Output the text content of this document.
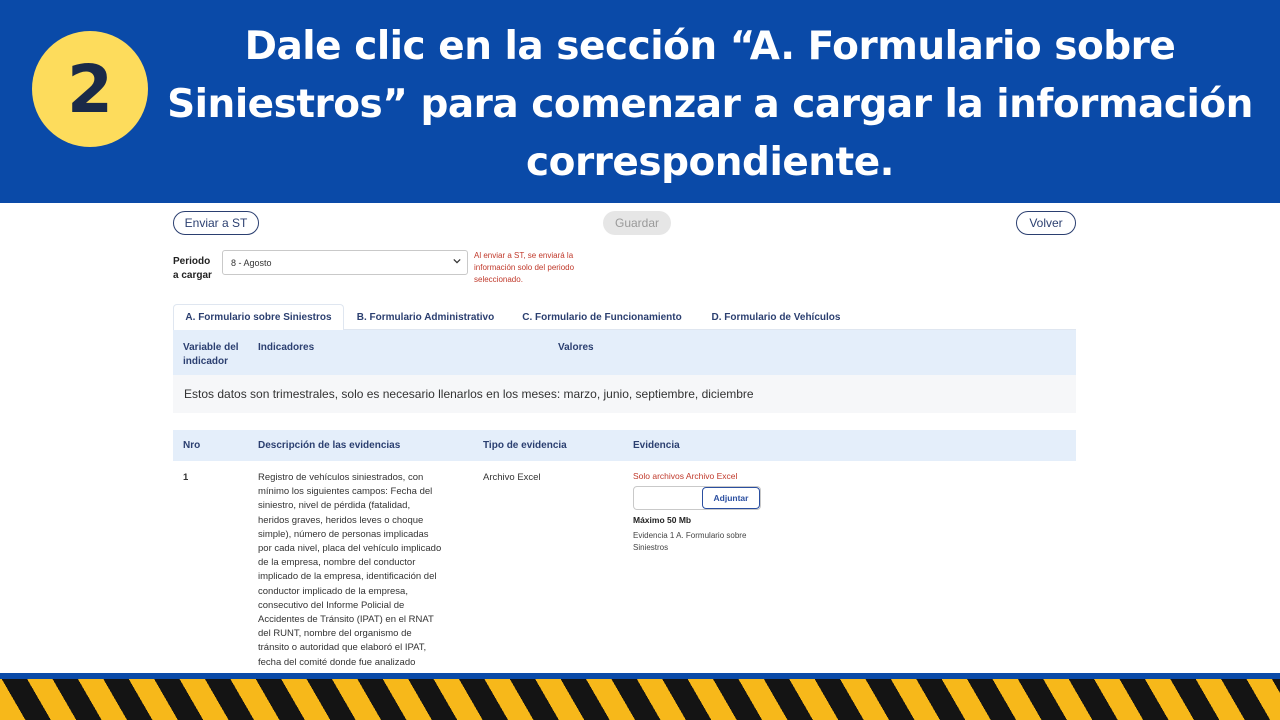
2
Dale clic en la sección “A. Formulario sobre
Siniestros” para comenzar a cargar la información
correspondiente.
Enviar a ST	Guardar	Volver
Periodo
a cargar
8 - Agosto
Al enviar a ST, se enviará la información solo del periodo seleccionado.
A. Formulario sobre Siniestros	B. Formulario Administrativo	C. Formulario de Funcionamiento	D. Formulario de Vehículos
Variable del
indicador
Indicadores	Valores
Estos datos son trimestrales, solo es necesario llenarlos en los meses: marzo, junio, septiembre, diciembre
Nro	Descripción de las evidencias	Tipo de evidencia	Evidencia
1	Registro de vehículos siniestrados, con
mínimo los siguientes campos: Fecha del
siniestro, nivel de pérdida (fatalidad,
heridos graves, heridos leves o choque
simple), número de personas implicadas
por cada nivel, placa del vehículo implicado
de la empresa, nombre del conductor
implicado de la empresa, identificación del
conductor implicado de la empresa,
consecutivo del Informe Policial de
Accidentes de Tránsito (IPAT) en el RNAT
del RUNT, nombre del organismo de
tránsito o autoridad que elaboró el IPAT,
fecha del comité donde fue analizado
Archivo Excel	Solo archivos Archivo Excel
Adjuntar
Máximo 50 Mb
Evidencia 1 A. Formulario sobre Siniestros
